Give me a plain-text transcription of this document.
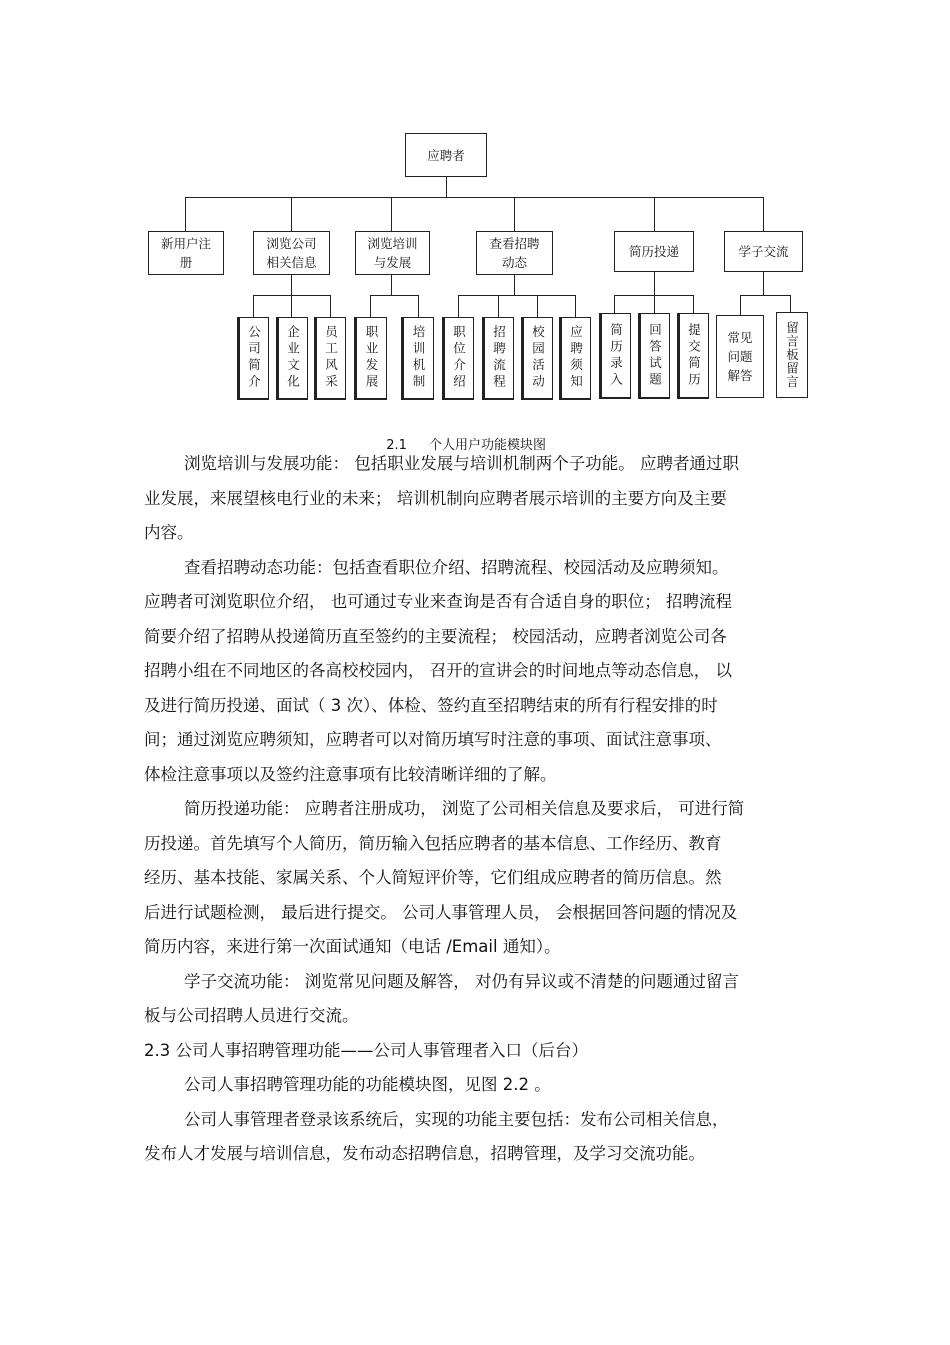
应聘者
新用户注
册
浏览公司
相关信息
浏览培训
与发展
查看招聘
动态
简历投递	学子交流
公司简介 企业文化 员工风采 职业发展	培训机制 职位介绍 招聘流程 校园活动 应聘须知 简历录入 回答试题 提交简历 常见
问题
解答	留言板留言

2.1 个人用户功能模块图

浏览培训与发展功能： 包括职业发展与培训机制两个子功能。 应聘者通过职

业发展，来展望核电行业的未来； 培训机制向应聘者展示培训的主要方向及主要

内容。

查看招聘动态功能：包括查看职位介绍、招聘流程、校园活动及应聘须知。

应聘者可浏览职位介绍， 也可通过专业来查询是否有合适自身的职位； 招聘流程

简要介绍了招聘从投递简历直至签约的主要流程； 校园活动，应聘者浏览公司各

招聘小组在不同地区的各高校校园内， 召开的宣讲会的时间地点等动态信息， 以

及进行简历投递、面试（ 3 次）、体检、签约直至招聘结束的所有行程安排的时

间；通过浏览应聘须知，应聘者可以对简历填写时注意的事项、面试注意事项、

体检注意事项以及签约注意事项有比较清晰详细的了解。

简历投递功能： 应聘者注册成功， 浏览了公司相关信息及要求后， 可进行简

历投递。首先填写个人简历，简历输入包括应聘者的基本信息、工作经历、教育

经历、基本技能、家属关系、个人简短评价等，它们组成应聘者的简历信息。然

后进行试题检测， 最后进行提交。 公司人事管理人员， 会根据回答问题的情况及

简历内容，来进行第一次面试通知（电话 /Email 通知）。

学子交流功能： 浏览常见问题及解答， 对仍有异议或不清楚的问题通过留言

板与公司招聘人员进行交流。

2.3 公司人事招聘管理功能——公司人事管理者入口（后台）

公司人事招聘管理功能的功能模块图，见图 2.2 。

公司人事管理者登录该系统后，实现的功能主要包括：发布公司相关信息，

发布人才发展与培训信息，发布动态招聘信息，招聘管理，及学习交流功能。
